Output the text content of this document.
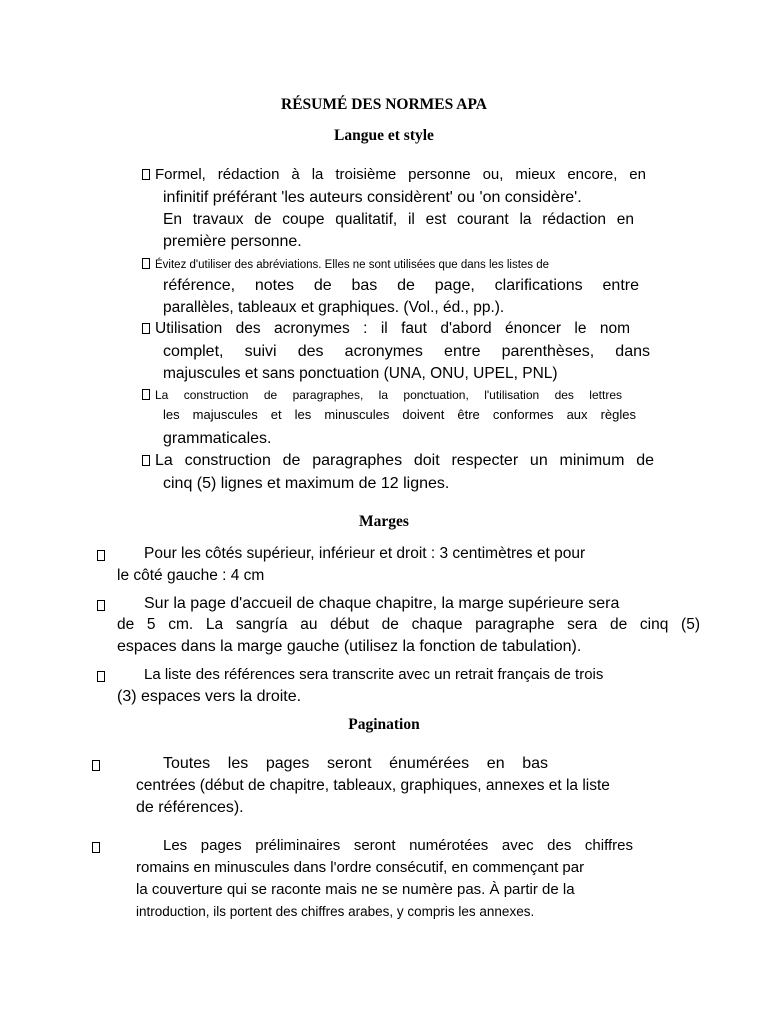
RÉSUMÉ DES NORMES APA
Langue et style
Formel, rédaction à la troisième personne ou, mieux encore, en
infinitif préférant 'les auteurs considèrent' ou 'on considère'.
En travaux de coupe qualitatif, il est courant la rédaction en
première personne.
Évitez d'utiliser des abréviations. Elles ne sont utilisées que dans les listes de
référence, notes de bas de page, clarifications entre
parallèles, tableaux et graphiques. (Vol., éd., pp.).
Utilisation des acronymes : il faut d'abord énoncer le nom
complet, suivi des acronymes entre parenthèses, dans
majuscules et sans ponctuation (UNA, ONU, UPEL, PNL)
La construction de paragraphes, la ponctuation, l'utilisation des lettres
les majuscules et les minuscules doivent être conformes aux règles
grammaticales.
La construction de paragraphes doit respecter un minimum de
cinq (5) lignes et maximum de 12 lignes.
Marges
Pour les côtés supérieur, inférieur et droit : 3 centimètres et pour
le côté gauche : 4 cm
Sur la page d'accueil de chaque chapitre, la marge supérieure sera
de 5 cm. La sangría au début de chaque paragraphe sera de cinq (5)
espaces dans la marge gauche (utilisez la fonction de tabulation).
La liste des références sera transcrite avec un retrait français de trois
(3) espaces vers la droite.
Pagination
Toutes les pages seront énumérées en bas
centrées (début de chapitre, tableaux, graphiques, annexes et la liste
de références).
Les pages préliminaires seront numérotées avec des chiffres
romains en minuscules dans l'ordre consécutif, en commençant par
la couverture qui se raconte mais ne se numère pas. À partir de la
introduction, ils portent des chiffres arabes, y compris les annexes.
